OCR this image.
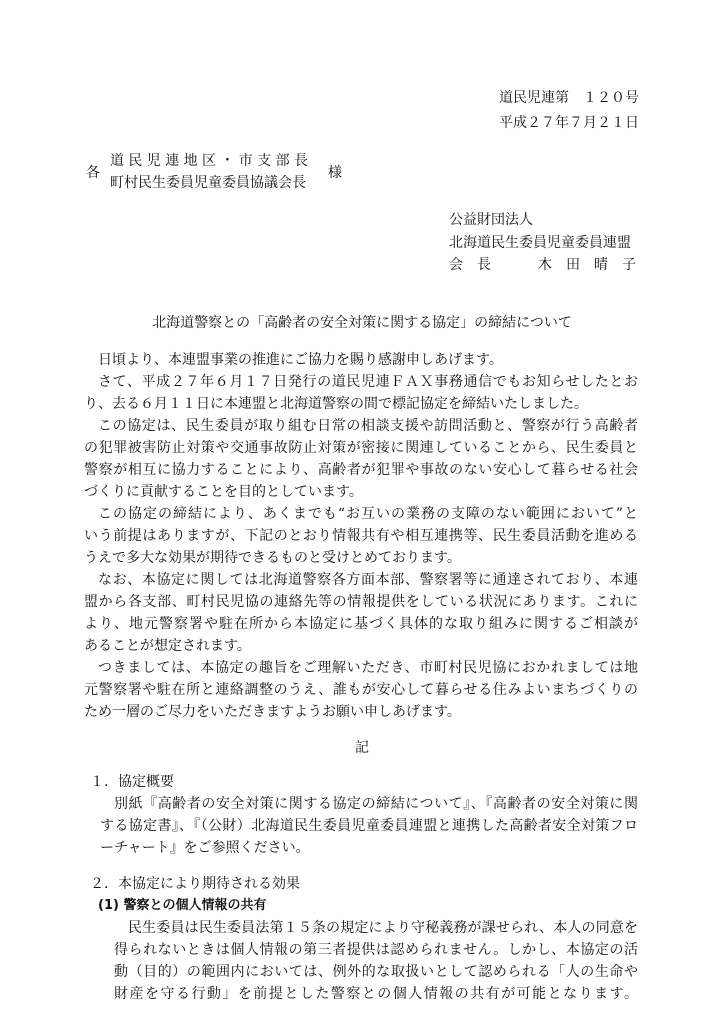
道民児連第　１２０号
平成２７年７月２１日
各
道民児連地区・市支部長
町村民生委員児童委員協議会長
様
公益財団法人
北海道民生委員児童委員連盟
会　長	木　田　晴　子
北海道警察との「高齢者の安全対策に関する協定」の締結について
日頃より、本連盟事業の推進にご協力を賜り感謝申しあげます。
さて、平成２７年６月１７日発行の道民児連ＦＡＸ事務通信でもお知らせしたとお
り、去る６月１１日に本連盟と北海道警察の間で標記協定を締結いたしました。
この協定は、民生委員が取り組む日常の相談支援や訪問活動と、警察が行う高齢者
の犯罪被害防止対策や交通事故防止対策が密接に関連していることから、民生委員と
警察が相互に協力することにより、高齢者が犯罪や事故のない安心して暮らせる社会
づくりに貢献することを目的としています。
この協定の締結により、あくまでも“お互いの業務の支障のない範囲において”と
いう前提はありますが、下記のとおり情報共有や相互連携等、民生委員活動を進める
うえで多大な効果が期待できるものと受けとめております。
なお、本協定に関しては北海道警察各方面本部、警察署等に通達されており、本連
盟から各支部、町村民児協の連絡先等の情報提供をしている状況にあります。これに
より、地元警察署や駐在所から本協定に基づく具体的な取り組みに関するご相談が
あることが想定されます。
つきましては、本協定の趣旨をご理解いただき、市町村民児協におかれましては地
元警察署や駐在所と連絡調整のうえ、誰もが安心して暮らせる住みよいまちづくりの
ため一層のご尽力をいただきますようお願い申しあげます。
記
１．協定概要
別紙『高齢者の安全対策に関する協定の締結について』、『高齢者の安全対策に関
する協定書』、『（公財）北海道民生委員児童委員連盟と連携した高齢者安全対策フロ
ーチャート』をご参照ください。
２．本協定により期待される効果
(1) 警察との個人情報の共有
民生委員は民生委員法第１５条の規定により守秘義務が課せられ、本人の同意を
得られないときは個人情報の第三者提供は認められません。しかし、本協定の活
動（目的）の範囲内においては、例外的な取扱いとして認められる「人の生命や
財産を守る行動」を前提とした警察との個人情報の共有が可能となります。
